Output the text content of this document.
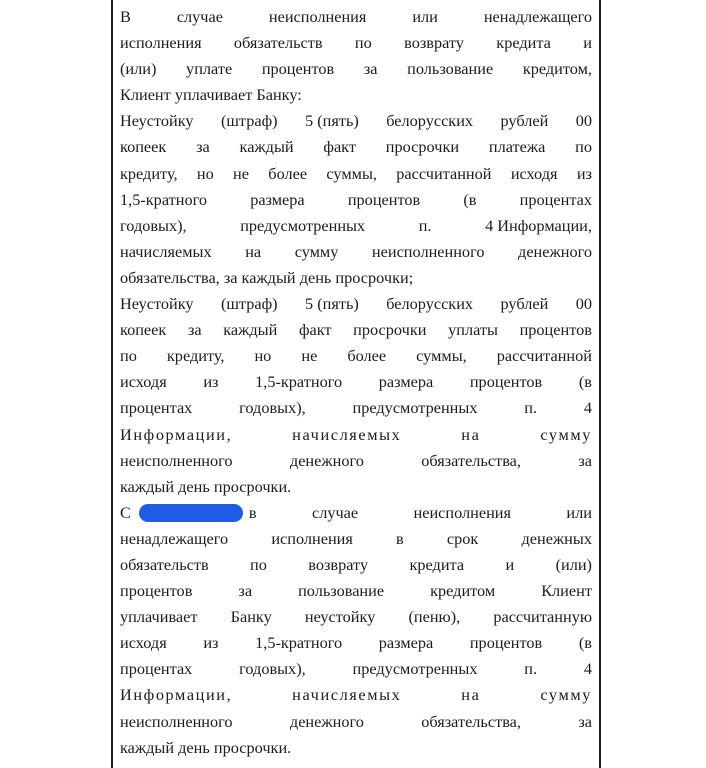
В	случае	неисполнения	или	ненадлежащего
исполнения обязательств по возврату кредита и
(или) уплате процентов за пользование кредитом,
Клиент уплачивает Банку:
Неустойку (штраф) 5 (пять) белорусских рублей 00
копеек за каждый факт просрочки платежа по
кредиту, но не более суммы, рассчитанной исходя из
1,5-кратного	размера	процентов	(в	процентах
годовых),	предусмотренных	п.	4 Информации,
начисляемых на сумму неисполненного денежного
обязательства, за каждый день просрочки;
Неустойку (штраф) 5 (пять) белорусских рублей 00
копеек за каждый факт просрочки уплаты процентов
по кредиту, но не более суммы, рассчитанной
исходя из 1,5-кратного размера процентов (в
процентах	годовых),	предусмотренных	п.	4
Информации,	начисляемых	на	сумму
неисполненного	денежного	обязательства,	за
каждый день просрочки.
С	в	случае	неисполнения	или
ненадлежащего	исполнения	в	срок	денежных
обязательств	по	возврату	кредита	и	(или)
процентов	за	пользование	кредитом	Клиент
уплачивает Банку неустойку (пеню), рассчитанную
исходя из 1,5-кратного размера процентов (в
процентах	годовых),	предусмотренных	п.	4
Информации,	начисляемых	на	сумму
неисполненного	денежного	обязательства,	за
каждый день просрочки.
